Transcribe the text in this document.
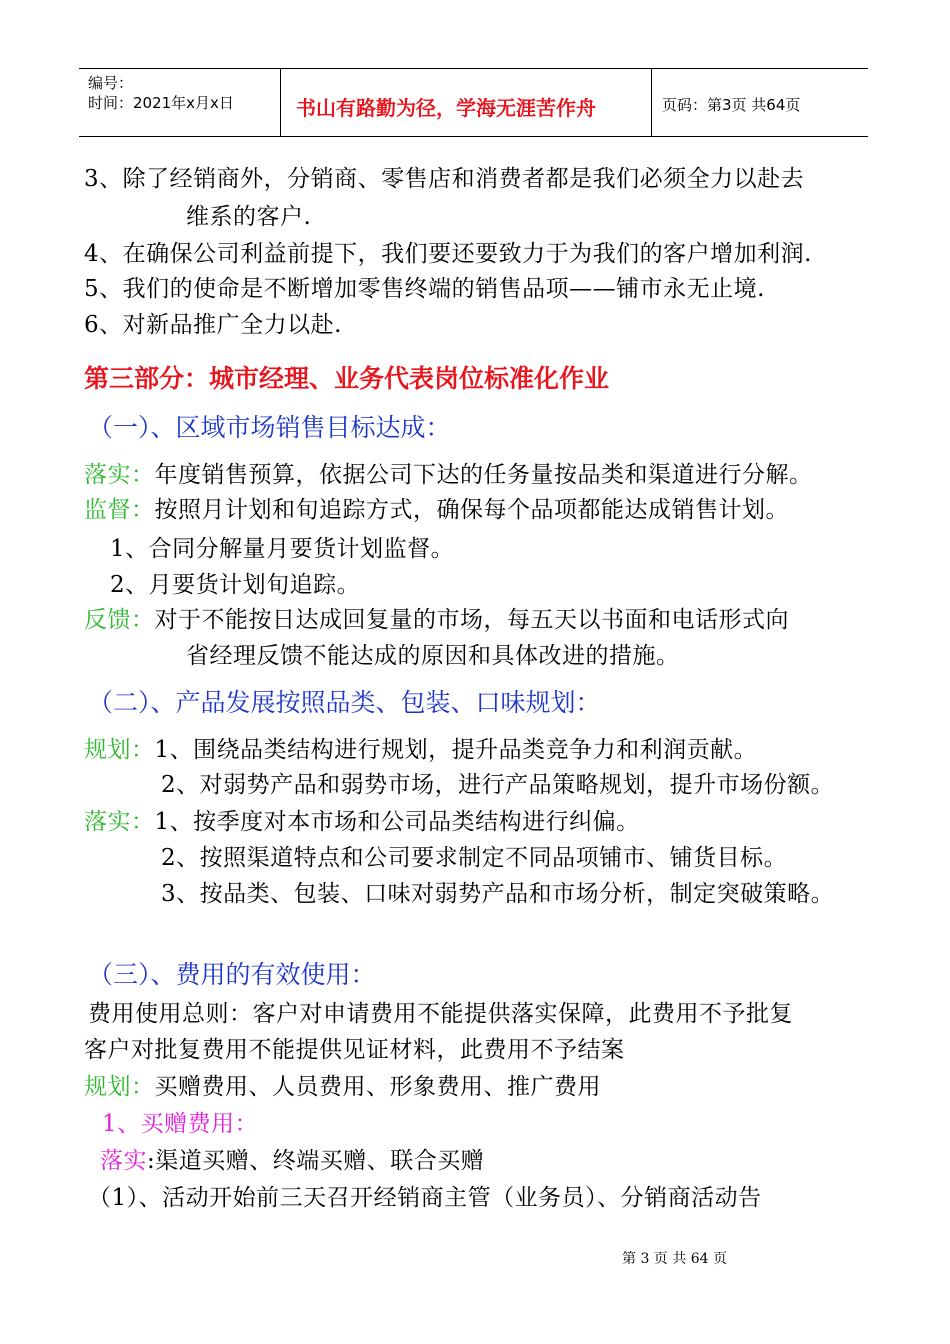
编号：
时间：2021年x月x日	书山有路勤为径，学海无涯苦作舟	页码：第3页 共64页
3、除了经销商外，分销商、零售店和消费者都是我们必须全力以赴去
维系的客户.
4、在确保公司利益前提下，我们要还要致力于为我们的客户增加利润.
5、我们的使命是不断增加零售终端的销售品项——铺市永无止境.
6、对新品推广全力以赴.
第三部分：城市经理、业务代表岗位标准化作业
（一）、区域市场销售目标达成：
落实：年度销售预算，依据公司下达的任务量按品类和渠道进行分解。
监督：按照月计划和旬追踪方式，确保每个品项都能达成销售计划。
1、合同分解量月要货计划监督。
2、月要货计划旬追踪。
反馈：对于不能按日达成回复量的市场，每五天以书面和电话形式向
省经理反馈不能达成的原因和具体改进的措施。
（二）、产品发展按照品类、包装、口味规划：
规划：1、围绕品类结构进行规划，提升品类竞争力和利润贡献。
2、对弱势产品和弱势市场，进行产品策略规划，提升市场份额。
落实：1、按季度对本市场和公司品类结构进行纠偏。
2、按照渠道特点和公司要求制定不同品项铺市、铺货目标。
3、按品类、包装、口味对弱势产品和市场分析，制定突破策略。
（三）、费用的有效使用：
费用使用总则：客户对申请费用不能提供落实保障，此费用不予批复
客户对批复费用不能提供见证材料，此费用不予结案
规划：买赠费用、人员费用、形象费用、推广费用
1、买赠费用：
落实:渠道买赠、终端买赠、联合买赠
（1）、活动开始前三天召开经销商主管（业务员）、分销商活动告
第 3 页 共 64 页
